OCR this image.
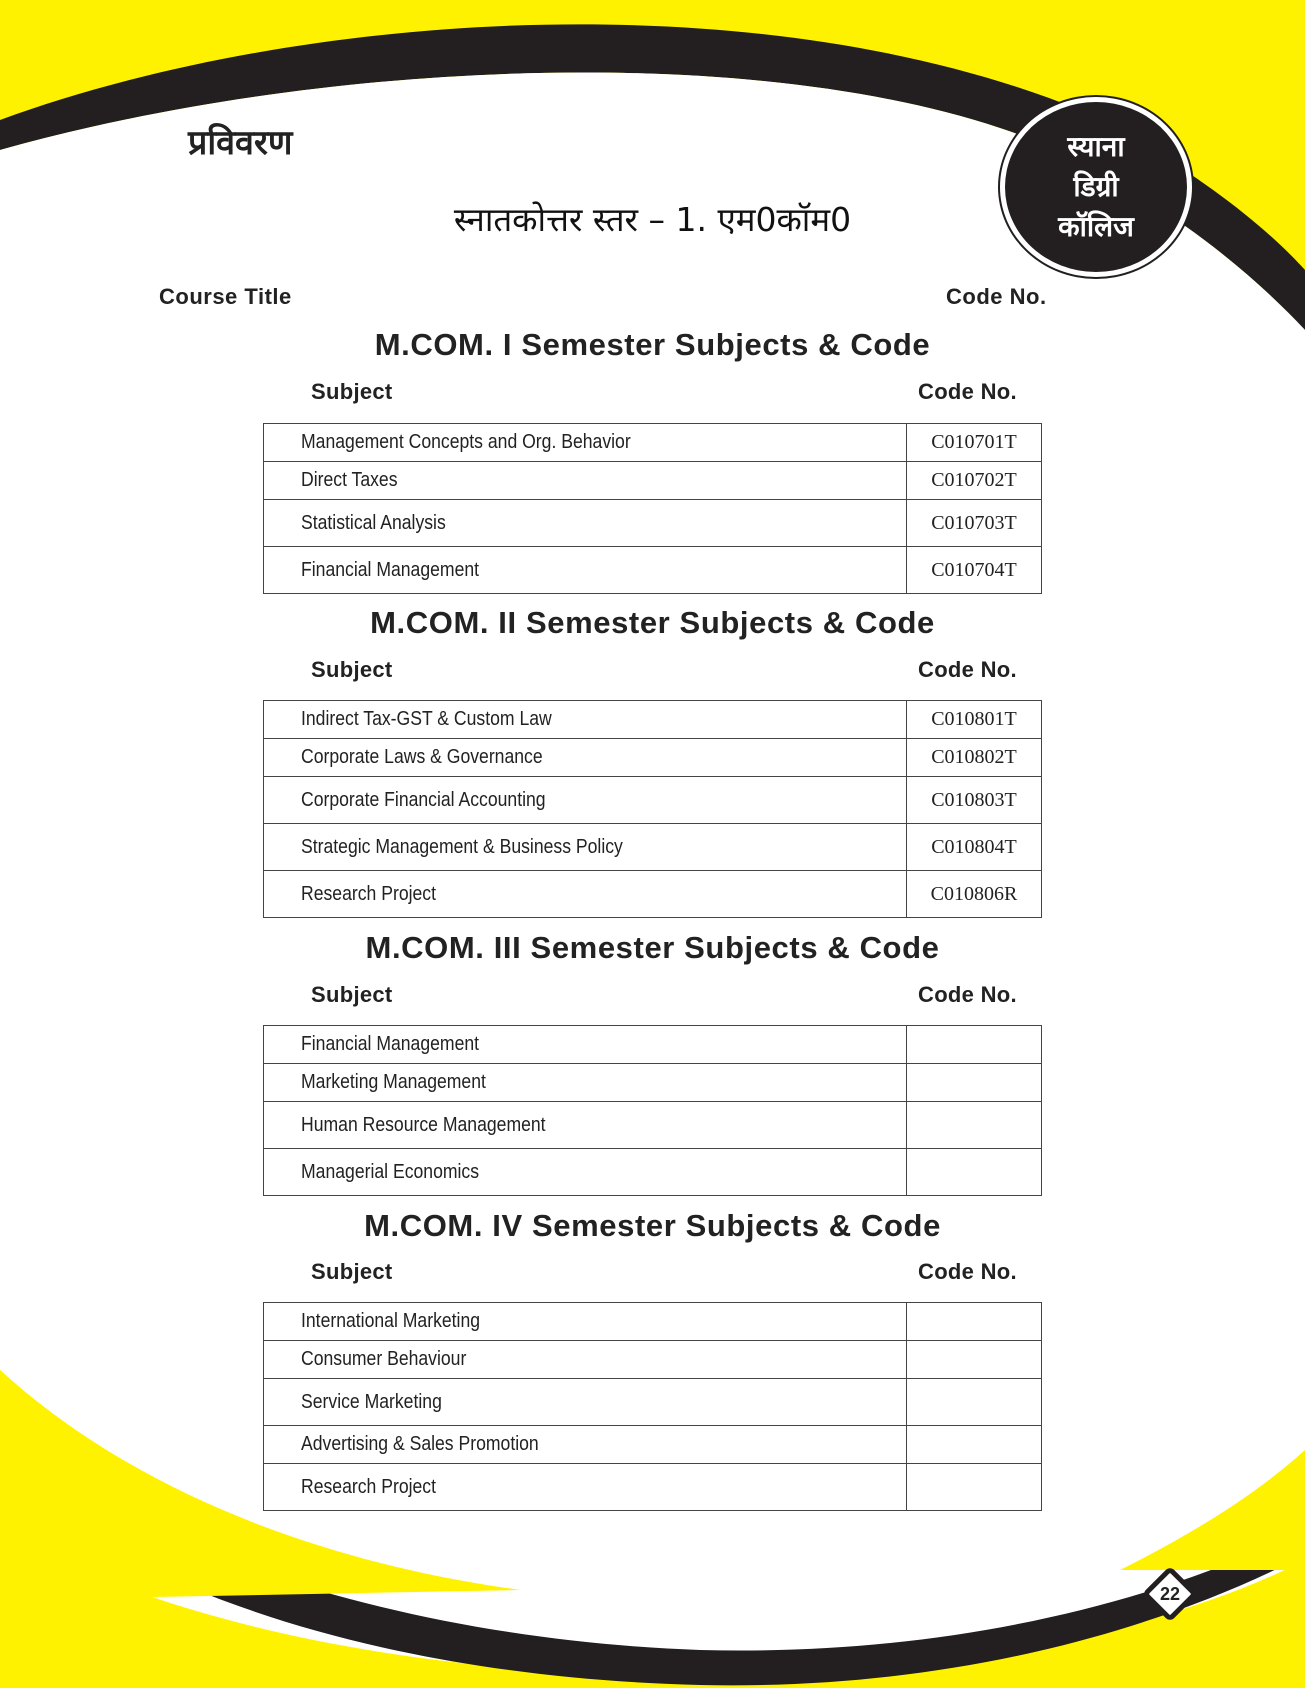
प्रविवरण
स्नातकोत्तर स्तर – 1. एम0कॉम0
स्याना
डिग्री
कॉलिज
Course Title	Code No.
M.COM. I Semester Subjects & Code
Subject	Code No.
Management Concepts and Org. Behavior	C010701T
Direct Taxes	C010702T
Statistical Analysis	C010703T
Financial Management	C010704T
M.COM. II Semester Subjects & Code
Subject	Code No.
Indirect Tax-GST & Custom Law	C010801T
Corporate Laws & Governance	C010802T
Corporate Financial Accounting	C010803T
Strategic Management & Business Policy	C010804T
Research Project	C010806R
M.COM. III Semester Subjects & Code
Subject	Code No.
Financial Management	
Marketing Management	
Human Resource Management	
Managerial Economics	
M.COM. IV Semester Subjects & Code
Subject	Code No.
International Marketing	
Consumer Behaviour	
Service Marketing	
Advertising & Sales Promotion	
Research Project	
22
